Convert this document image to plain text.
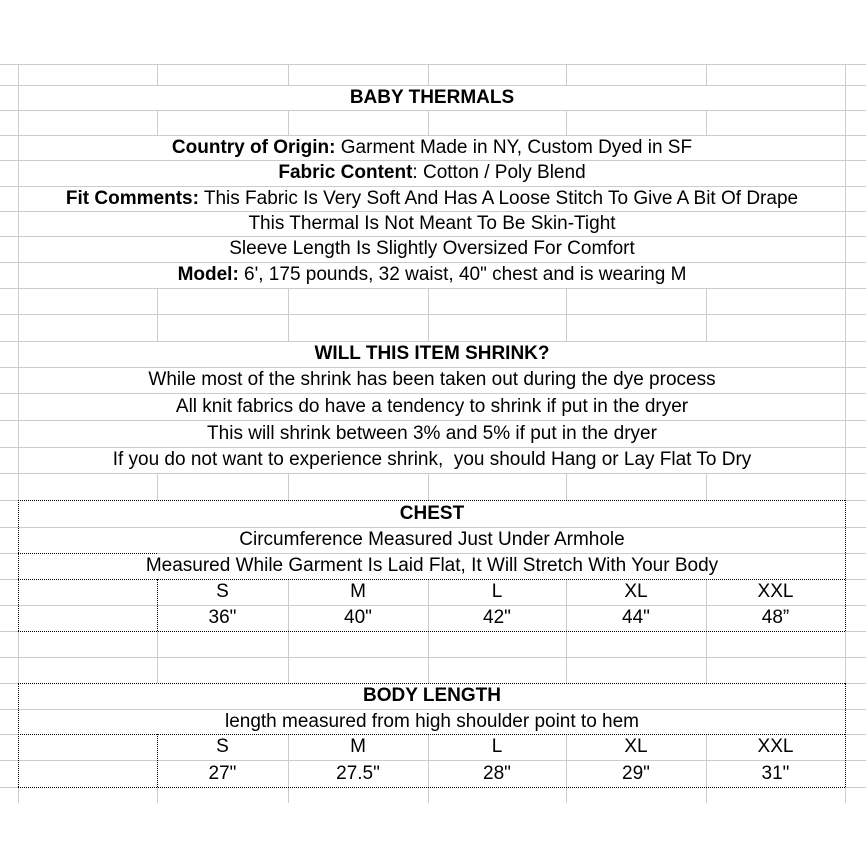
BABY THERMALS
Country of Origin: Garment Made in NY, Custom Dyed in SF
Fabric Content: Cotton / Poly Blend
Fit Comments: This Fabric Is Very Soft And Has A Loose Stitch To Give A Bit Of Drape
This Thermal Is Not Meant To Be Skin-Tight
Sleeve Length Is Slightly Oversized For Comfort
Model: 6', 175 pounds, 32 waist, 40" chest and is wearing M
WILL THIS ITEM SHRINK?
While most of the shrink has been taken out during the dye process
All knit fabrics do have a tendency to shrink if put in the dryer
This will shrink between 3% and 5% if put in the dryer
If you do not want to experience shrink,  you should Hang or Lay Flat To Dry
CHEST
Circumference Measured Just Under Armhole
Measured While Garment Is Laid Flat, It Will Stretch With Your Body
S	M	L	XL	XXL
36"	40"	42"	44"	48”
BODY LENGTH
length measured from high shoulder point to hem
S	M	L	XL	XXL
27"	27.5"	28"	29"	31"
